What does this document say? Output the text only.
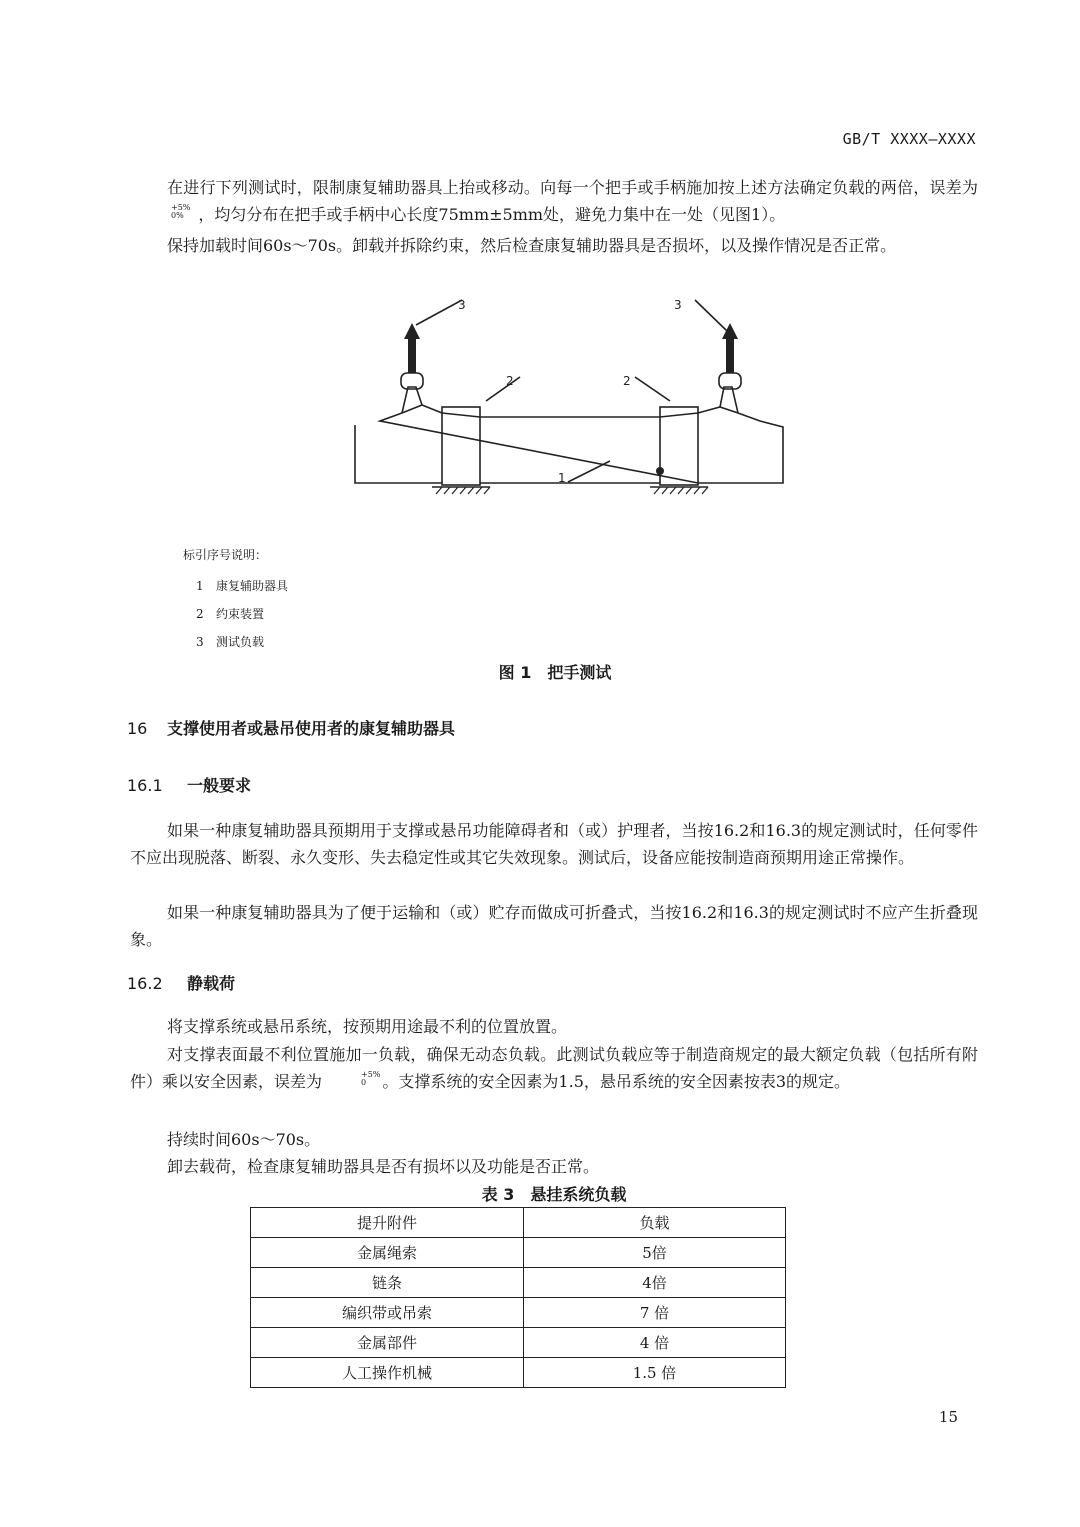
GB/T XXXX—XXXX
在进行下列测试时，限制康复辅助器具上抬或移动。向每一个把手或手柄施加按上述方法确定负载的两倍，误差为
+5%
0% ，均匀分布在把手或手柄中心长度75mm±5mm处，避免力集中在一处（见图1）。
保持加载时间60s～70s。卸载并拆除约束，然后检查康复辅助器具是否损坏，以及操作情况是否正常。
3	3
2	2
1
标引序号说明：
1 康复辅助器具
2 约束装置
3 测试负载
图 1　把手测试
16 支撑使用者或悬吊使用者的康复辅助器具
16.1 一般要求
如果一种康复辅助器具预期用于支撑或悬吊功能障碍者和（或）护理者，当按16.2和16.3的规定测试时，任何零件不应出现脱落、断裂、永久变形、失去稳定性或其它失效现象。测试后，设备应能按制造商预期用途正常操作。
如果一种康复辅助器具为了便于运输和（或）贮存而做成可折叠式，当按16.2和16.3的规定测试时不应产生折叠现象。
16.2 静载荷
将支撑系统或悬吊系统，按预期用途最不利的位置放置。
对支撑表面最不利位置施加一负载，确保无动态负载。此测试负载应等于制造商规定的最大额定负载（包括所有附件）乘以安全因素，误差为	+5%
0	。支撑系统的安全因素为1.5，悬吊系统的安全因素按表3的规定。
持续时间60s～70s。
卸去载荷，检查康复辅助器具是否有损坏以及功能是否正常。
表 3　悬挂系统负载
提升附件	负载
金属绳索	5倍
链条	4倍
编织带或吊索	7 倍
金属部件	4 倍
人工操作机械	1.5 倍
15
